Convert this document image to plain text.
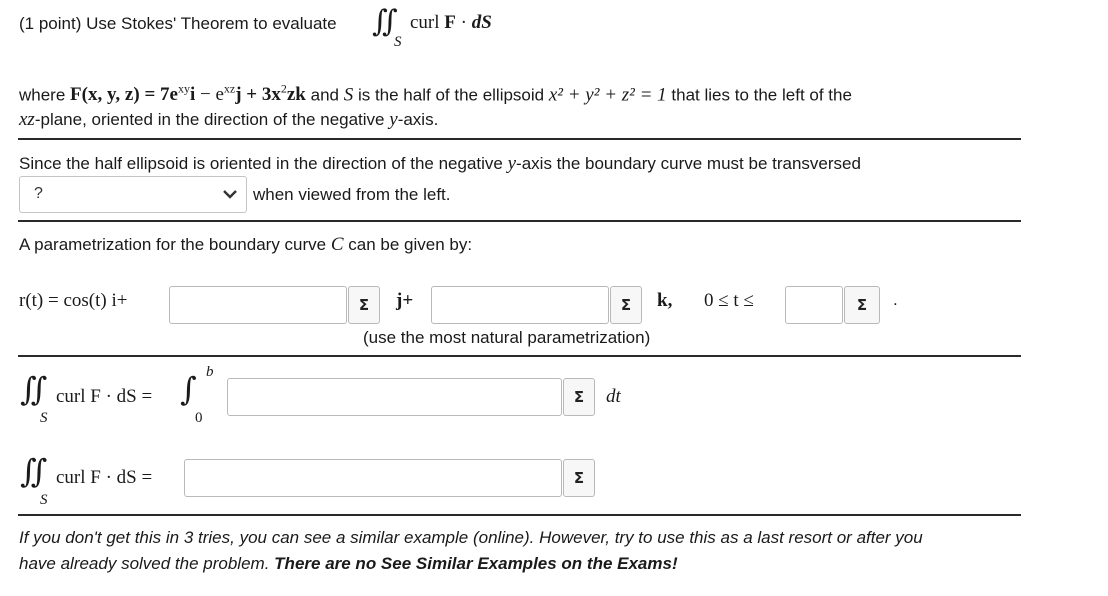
(1 point) Use Stokes' Theorem to evaluate ∬
S
curl F · dS
where F(x, y, $z) = 7e^{xy}i - e^{xz}j + 3x^2zk$ and S is the half of the ellipsoid x² + y² + z² = 1 that lies to the left of the
xz-plane, oriented in the direction of the negative y-axis.
Since the half ellipsoid is oriented in the direction of the negative y-axis the boundary curve must be transversed
?	when viewed from the left.
A parametrization for the boundary curve C can be given by:
r(t) = cos(t) i+	Σ	j+	Σ	k, 0 ≤ t ≤	Σ	.
(use the most natural parametrization)
∬
S
curl F · dS = ∫ b
0
Σ	dt
∬
S
curl F · dS =	Σ
If you don't get this in 3 tries, you can see a similar example (online). However, try to use this as a last resort or after you
have already solved the problem. There are no See Similar Examples on the Exams!
